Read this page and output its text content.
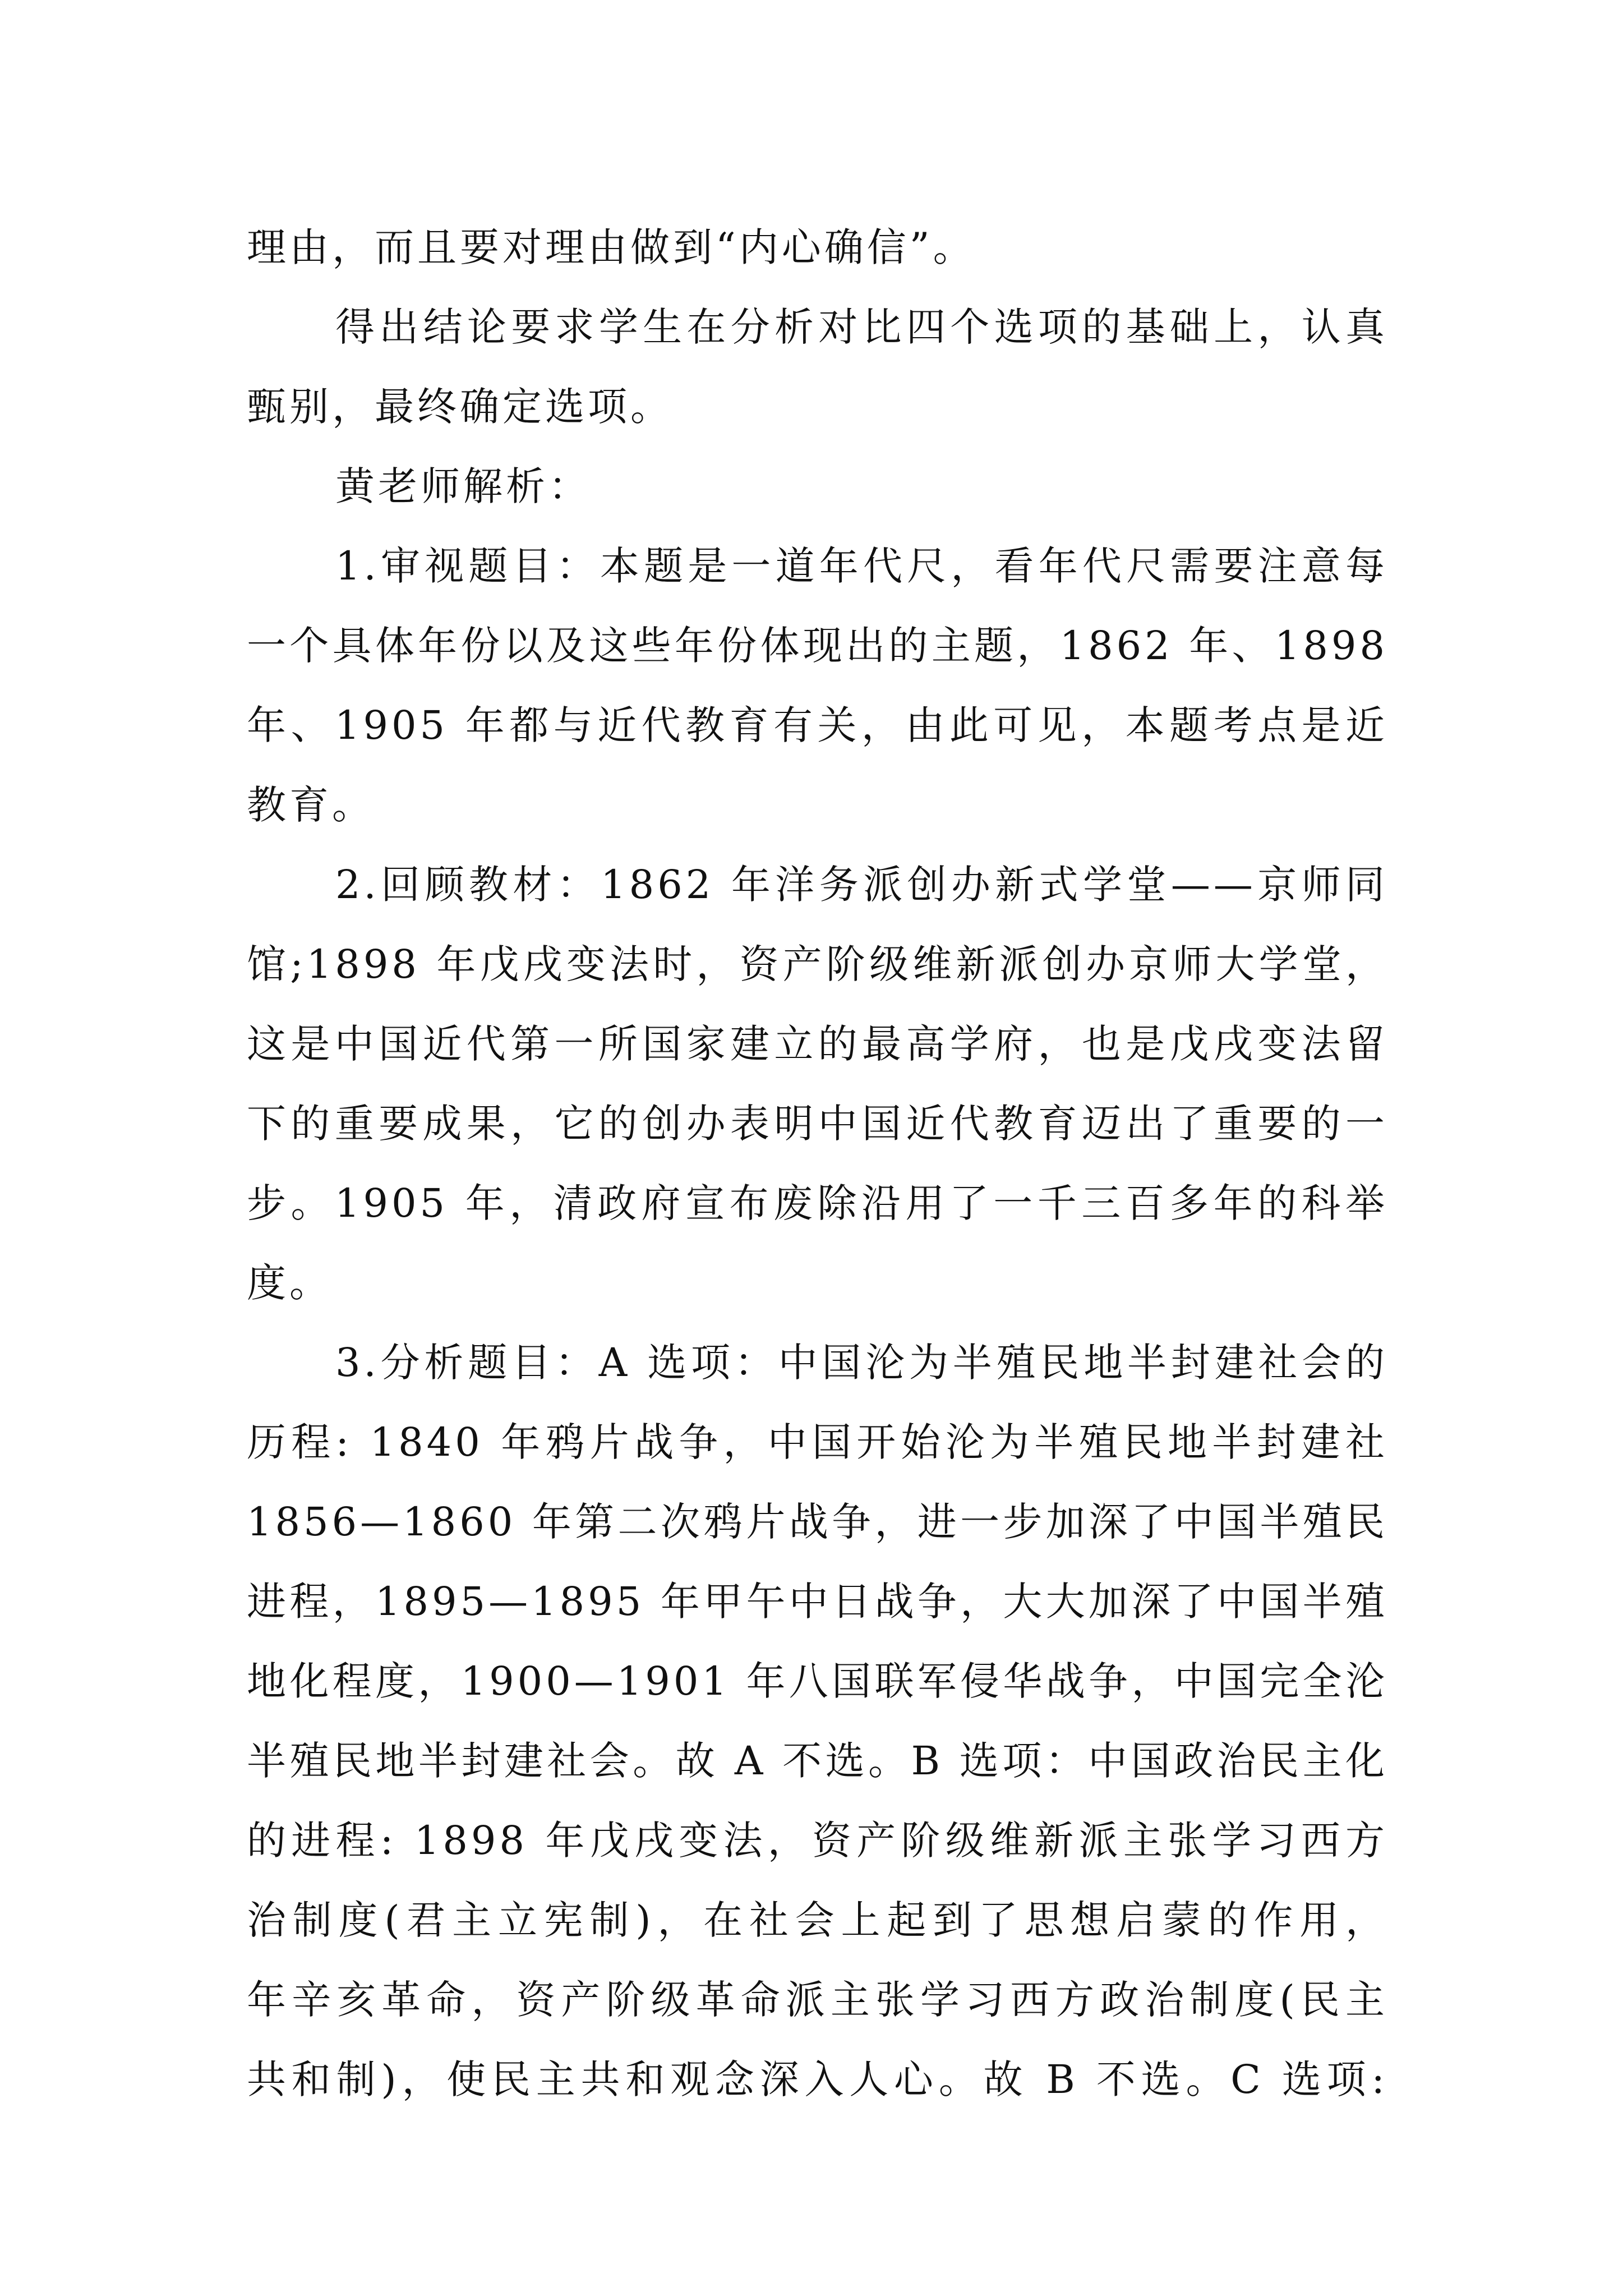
理由，而且要对理由做到“内心确信”。
得出结论要求学生在分析对比四个选项的基础上，认真
甄别，最终确定选项。
黄老师解析：
1.审视题目：本题是一道年代尺，看年代尺需要注意每
一个具体年份以及这些年份体现出的主题，1862 年、1898
年、1905 年都与近代教育有关，由此可见，本题考点是近
教育。
2.回顾教材：1862 年洋务派创办新式学堂——京师同
馆;1898 年戊戌变法时，资产阶级维新派创办京师大学堂，
这是中国近代第一所国家建立的最高学府，也是戊戌变法留
下的重要成果，它的创办表明中国近代教育迈出了重要的一
步。1905 年，清政府宣布废除沿用了一千三百多年的科举
度。
3.分析题目：A 选项：中国沦为半殖民地半封建社会的
历程: 1840 年鸦片战争，中国开始沦为半殖民地半封建社
1856—1860 年第二次鸦片战争，进一步加深了中国半殖民
进程，1895—1895 年甲午中日战争，大大加深了中国半殖
地化程度，1900—1901 年八国联军侵华战争，中国完全沦
半殖民地半封建社会。故 A 不选。B 选项：中国政治民主化
的进程: 1898 年戊戌变法，资产阶级维新派主张学习西方
治制度(君主立宪制)，在社会上起到了思想启蒙的作用，
年辛亥革命，资产阶级革命派主张学习西方政治制度(民主
共和制)，使民主共和观念深入人心。故 B 不选。C 选项:
